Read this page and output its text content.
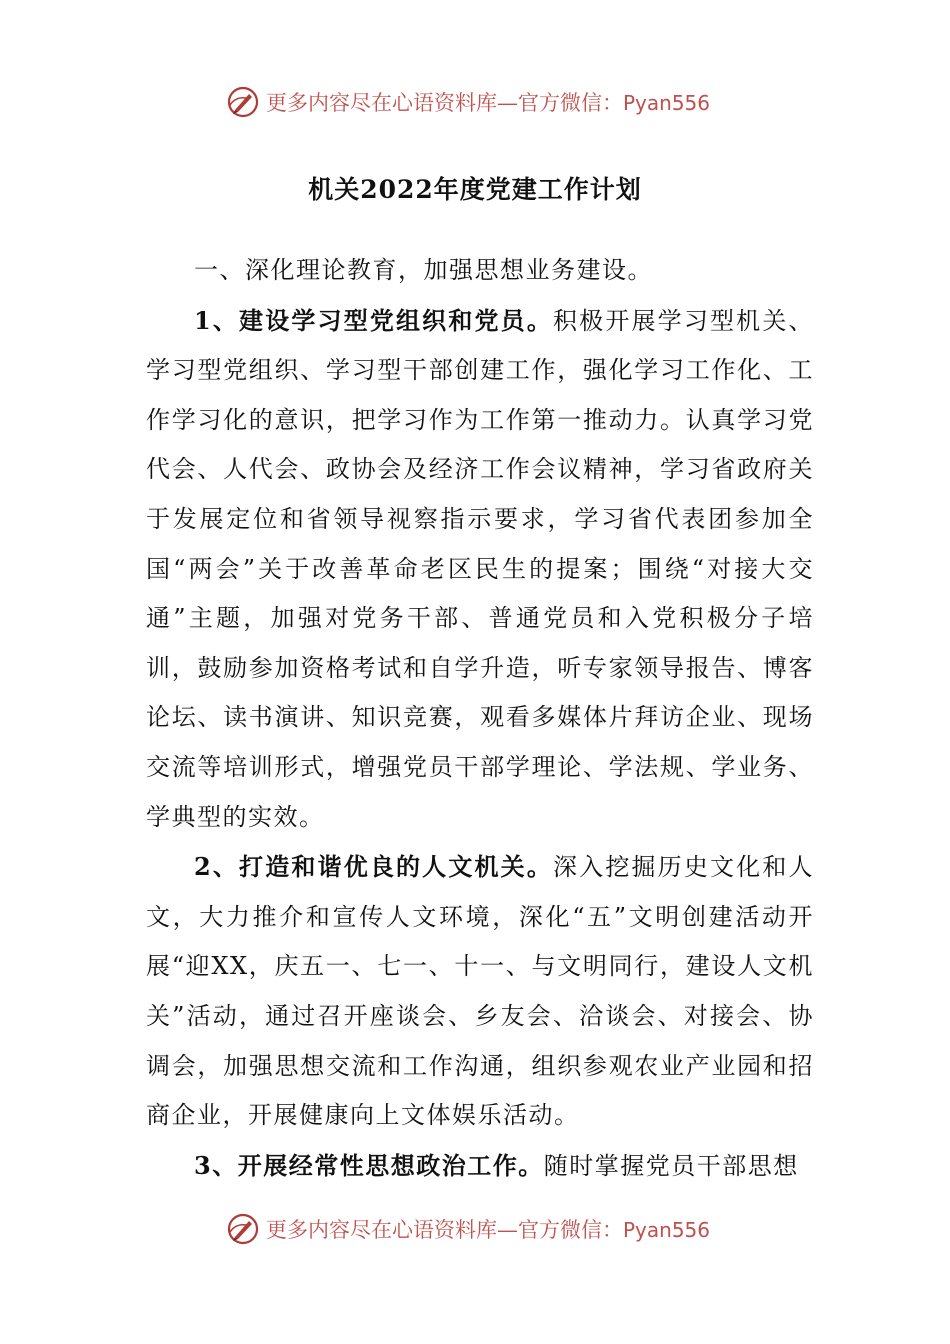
更多内容尽在心语资料库—官方微信：Pyan556
机关2022年度党建工作计划

一、深化理论教育，加强思想业务建设。

1、建设学习型党组织和党员。积极开展学习型机关、学习型党组织、学习型干部创建工作，强化学习工作化、工作学习化的意识，把学习作为工作第一推动力。认真学习党代会、人代会、政协会及经济工作会议精神，学习省政府关于发展定位和省领导视察指示要求，学习省代表团参加全国“两会”关于改善革命老区民生的提案；围绕“对接大交通”主题，加强对党务干部、普通党员和入党积极分子培训，鼓励参加资格考试和自学升造，听专家领导报告、博客论坛、读书演讲、知识竞赛，观看多媒体片拜访企业、现场交流等培训形式，增强党员干部学理论、学法规、学业务、学典型的实效。

2、打造和谐优良的人文机关。深入挖掘历史文化和人文，大力推介和宣传人文环境，深化“五”文明创建活动开展“迎XX，庆五一、七一、十一、与文明同行，建设人文机关”活动，通过召开座谈会、乡友会、洽谈会、对接会、协调会，加强思想交流和工作沟通，组织参观农业产业园和招商企业，开展健康向上文体娱乐活动。

3、开展经常性思想政治工作。随时掌握党员干部思想

更多内容尽在心语资料库—官方微信：Pyan556
